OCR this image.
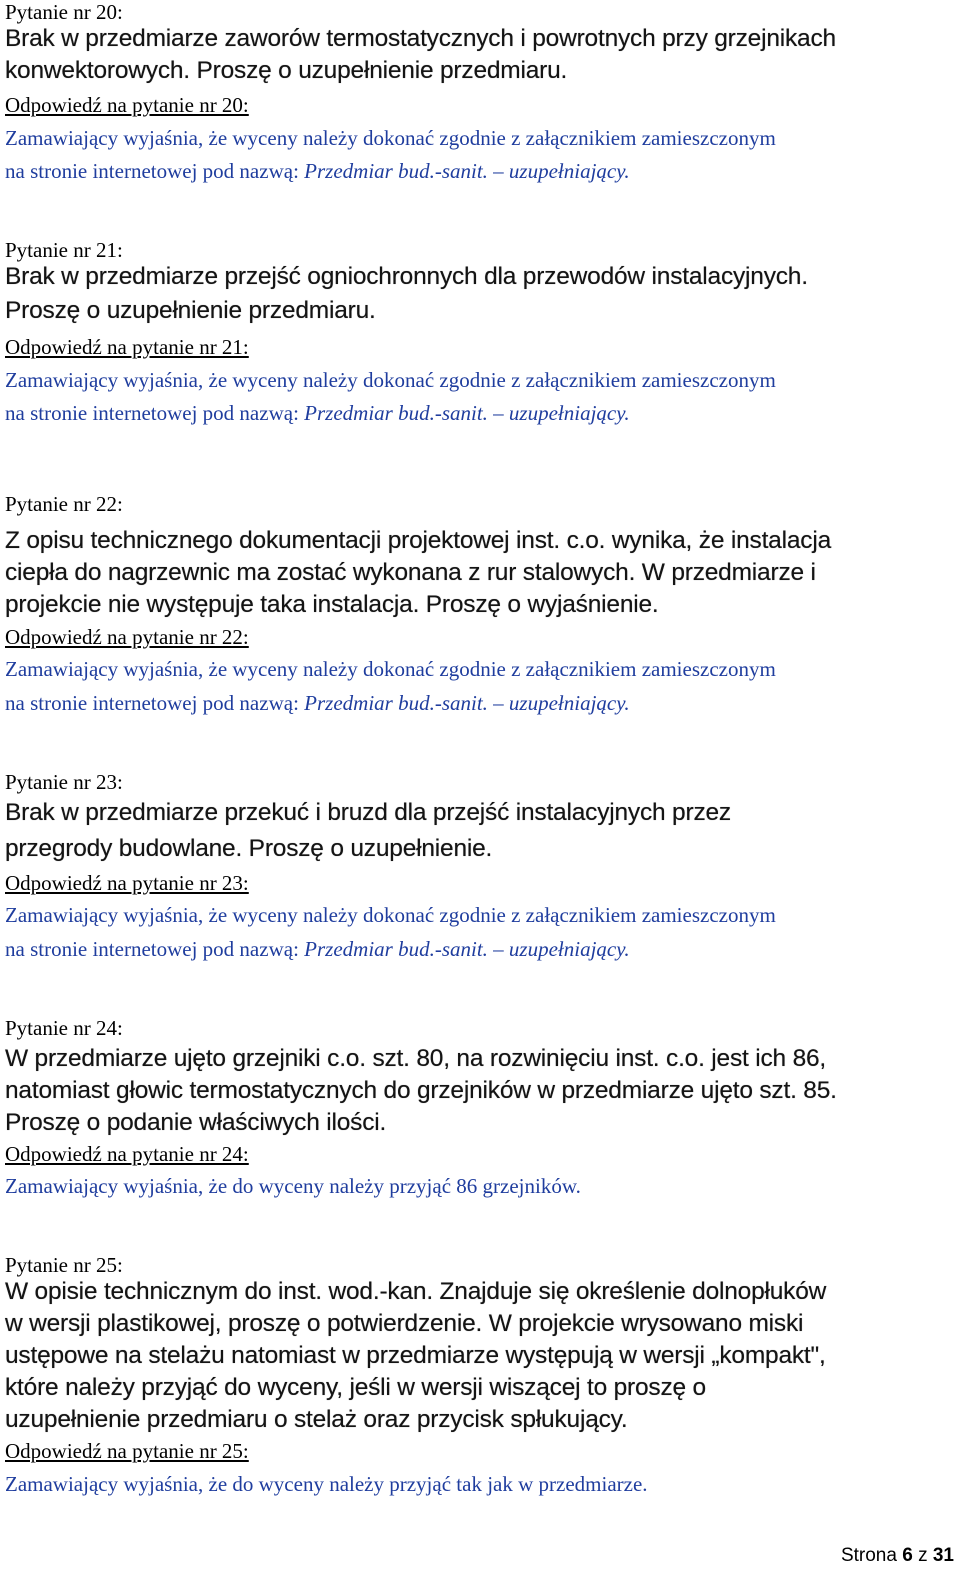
Pytanie nr 20:
Brak w przedmiarze zaworów termostatycznych i powrotnych przy grzejnikach
konwektorowych. Proszę o uzupełnienie przedmiaru.
Odpowiedź na pytanie nr 20:
Zamawiający wyjaśnia, że wyceny należy dokonać zgodnie z załącznikiem zamieszczonym
na stronie internetowej pod nazwą: Przedmiar bud.-sanit. – uzupełniający.
Pytanie nr 21:
Brak w przedmiarze przejść ogniochronnych dla przewodów instalacyjnych.
Proszę o uzupełnienie przedmiaru.
Odpowiedź na pytanie nr 21:
Zamawiający wyjaśnia, że wyceny należy dokonać zgodnie z załącznikiem zamieszczonym
na stronie internetowej pod nazwą: Przedmiar bud.-sanit. – uzupełniający.
Pytanie nr 22:
Z opisu technicznego dokumentacji projektowej inst. c.o. wynika, że instalacja
ciepła do nagrzewnic ma zostać wykonana z rur stalowych. W przedmiarze i
projekcie nie występuje taka instalacja. Proszę o wyjaśnienie.
Odpowiedź na pytanie nr 22:
Zamawiający wyjaśnia, że wyceny należy dokonać zgodnie z załącznikiem zamieszczonym
na stronie internetowej pod nazwą: Przedmiar bud.-sanit. – uzupełniający.
Pytanie nr 23:
Brak w przedmiarze przekuć i bruzd dla przejść instalacyjnych przez
przegrody budowlane. Proszę o uzupełnienie.
Odpowiedź na pytanie nr 23:
Zamawiający wyjaśnia, że wyceny należy dokonać zgodnie z załącznikiem zamieszczonym
na stronie internetowej pod nazwą: Przedmiar bud.-sanit. – uzupełniający.
Pytanie nr 24:
W przedmiarze ujęto grzejniki c.o. szt. 80, na rozwinięciu inst. c.o. jest ich 86,
natomiast głowic termostatycznych do grzejników w przedmiarze ujęto szt. 85.
Proszę o podanie właściwych ilości.
Odpowiedź na pytanie nr 24:
Zamawiający wyjaśnia, że do wyceny należy przyjąć 86 grzejników.
Pytanie nr 25:
W opisie technicznym do inst. wod.-kan. Znajduje się określenie dolnopłuków
w wersji plastikowej, proszę o potwierdzenie. W projekcie wrysowano miski
ustępowe na stelażu natomiast w przedmiarze występują w wersji „kompakt",
które należy przyjąć do wyceny, jeśli w wersji wiszącej to proszę o
uzupełnienie przedmiaru o stelaż oraz przycisk spłukujący.
Odpowiedź na pytanie nr 25:
Zamawiający wyjaśnia, że do wyceny należy przyjąć tak jak w przedmiarze.
Strona 6 z 31
